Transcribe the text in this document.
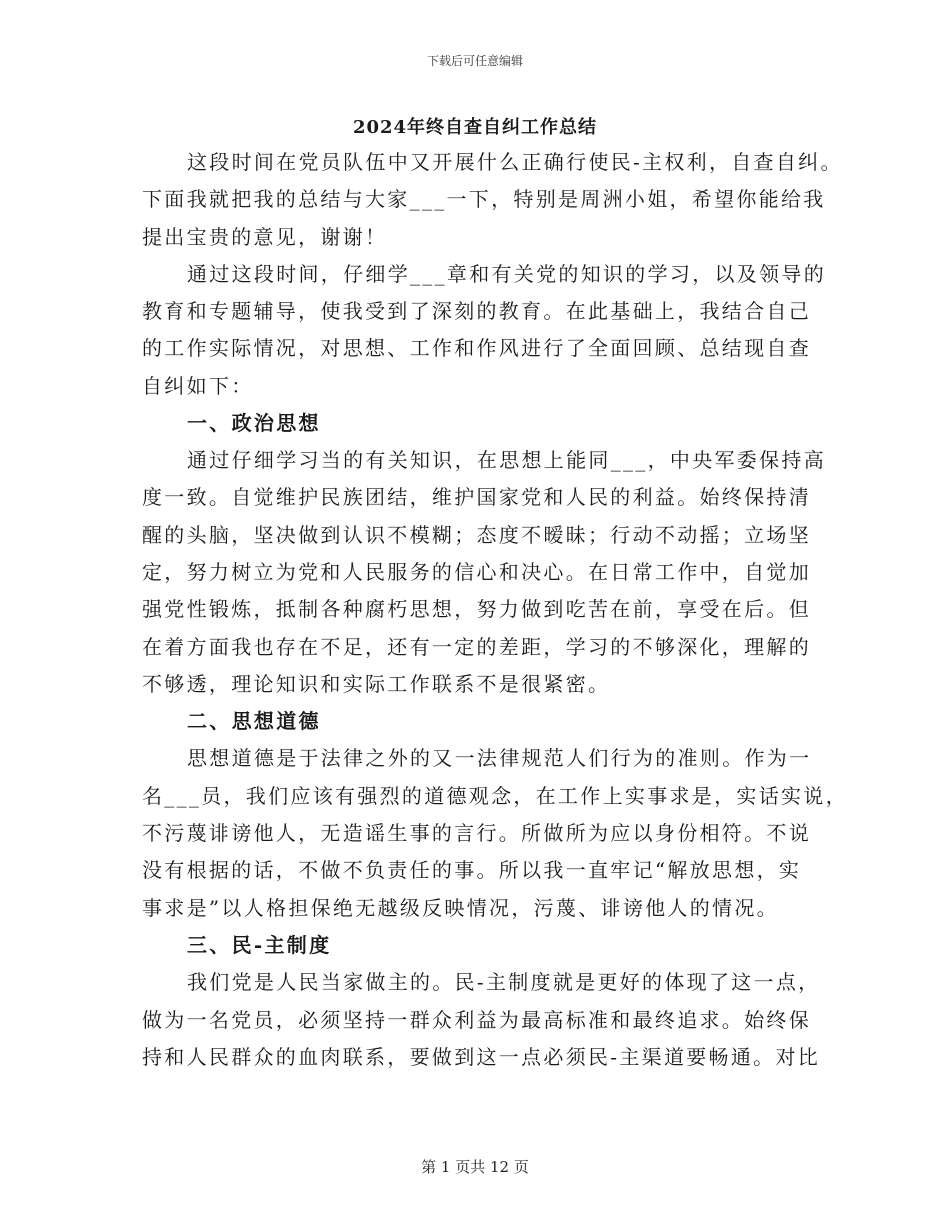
下载后可任意编辑
2024年终自查自纠工作总结
这段时间在党员队伍中又开展什么正确行使民-主权利，自查自纠。
下面我就把我的总结与大家___一下，特别是周洲小姐，希望你能给我
提出宝贵的意见，谢谢！
通过这段时间，仔细学___章和有关党的知识的学习，以及领导的
教育和专题辅导，使我受到了深刻的教育。在此基础上，我结合自己
的工作实际情况，对思想、工作和作风进行了全面回顾、总结现自查
自纠如下：
一、政治思想
通过仔细学习当的有关知识，在思想上能同___，中央军委保持高
度一致。自觉维护民族团结，维护国家党和人民的利益。始终保持清
醒的头脑，坚决做到认识不模糊；态度不暧昧；行动不动摇；立场坚
定，努力树立为党和人民服务的信心和决心。在日常工作中，自觉加
强党性锻炼，抵制各种腐朽思想，努力做到吃苦在前，享受在后。但
在着方面我也存在不足，还有一定的差距，学习的不够深化，理解的
不够透，理论知识和实际工作联系不是很紧密。
二、思想道德
思想道德是于法律之外的又一法律规范人们行为的准则。作为一
名___员，我们应该有强烈的道德观念，在工作上实事求是，实话实说，
不污蔑诽谤他人，无造谣生事的言行。所做所为应以身份相符。不说
没有根据的话，不做不负责任的事。所以我一直牢记“解放思想，实
事求是”以人格担保绝无越级反映情况，污蔑、诽谤他人的情况。
三、民-主制度
我们党是人民当家做主的。民-主制度就是更好的体现了这一点，
做为一名党员，必须坚持一群众利益为最高标准和最终追求。始终保
持和人民群众的血肉联系，要做到这一点必须民-主渠道要畅通。对比
第 1 页共 12 页
